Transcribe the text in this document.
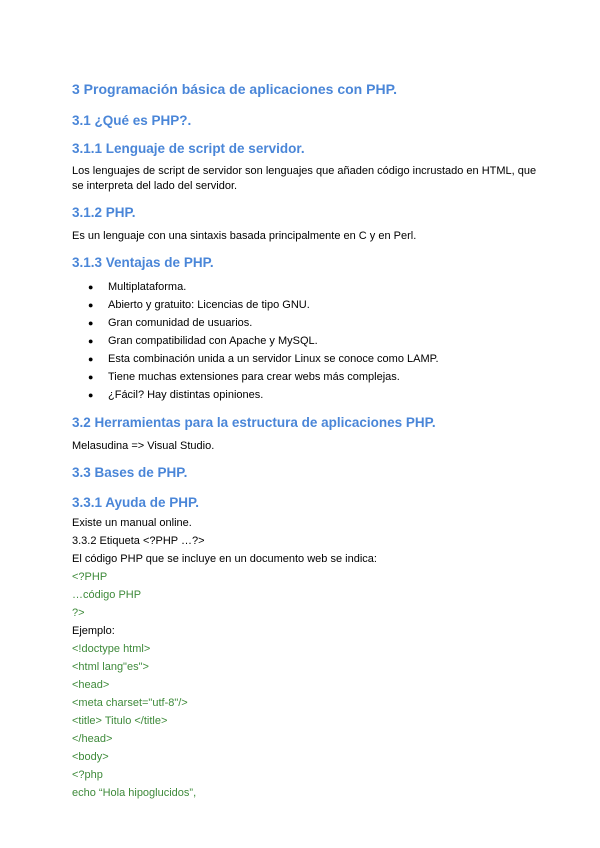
3 Programación básica de aplicaciones con PHP.
3.1 ¿Qué es PHP?.
3.1.1 Lenguaje de script de servidor.

Los lenguajes de script de servidor son lenguajes que añaden código incrustado en HTML, que se interpreta del lado del servidor.

3.1.2 PHP.

Es un lenguaje con una sintaxis basada principalmente en C y en Perl.

3.1.3 Ventajas de PHP.
● Multiplataforma.
● Abierto y gratuito: Licencias de tipo GNU.
● Gran comunidad de usuarios.
● Gran compatibilidad con Apache y MySQL.
● Esta combinación unida a un servidor Linux se conoce como LAMP.
● Tiene muchas extensiones para crear webs más complejas.
● ¿Fácil? Hay distintas opiniones.
3.2 Herramientas para la estructura de aplicaciones PHP.

Melasudina => Visual Studio.

3.3 Bases de PHP.
3.3.1 Ayuda de PHP.

Existe un manual online.

3.3.2 Etiqueta <?PHP …?>

El código PHP que se incluye en un documento web se indica:

<?PHP

…código PHP

?>

Ejemplo:

<!doctype html>

<html lang"es">

<head>

<meta charset="utf-8"/>

<title> Titulo </title>

</head>

<body>

<?php

echo “Hola hipoglucidos”,
